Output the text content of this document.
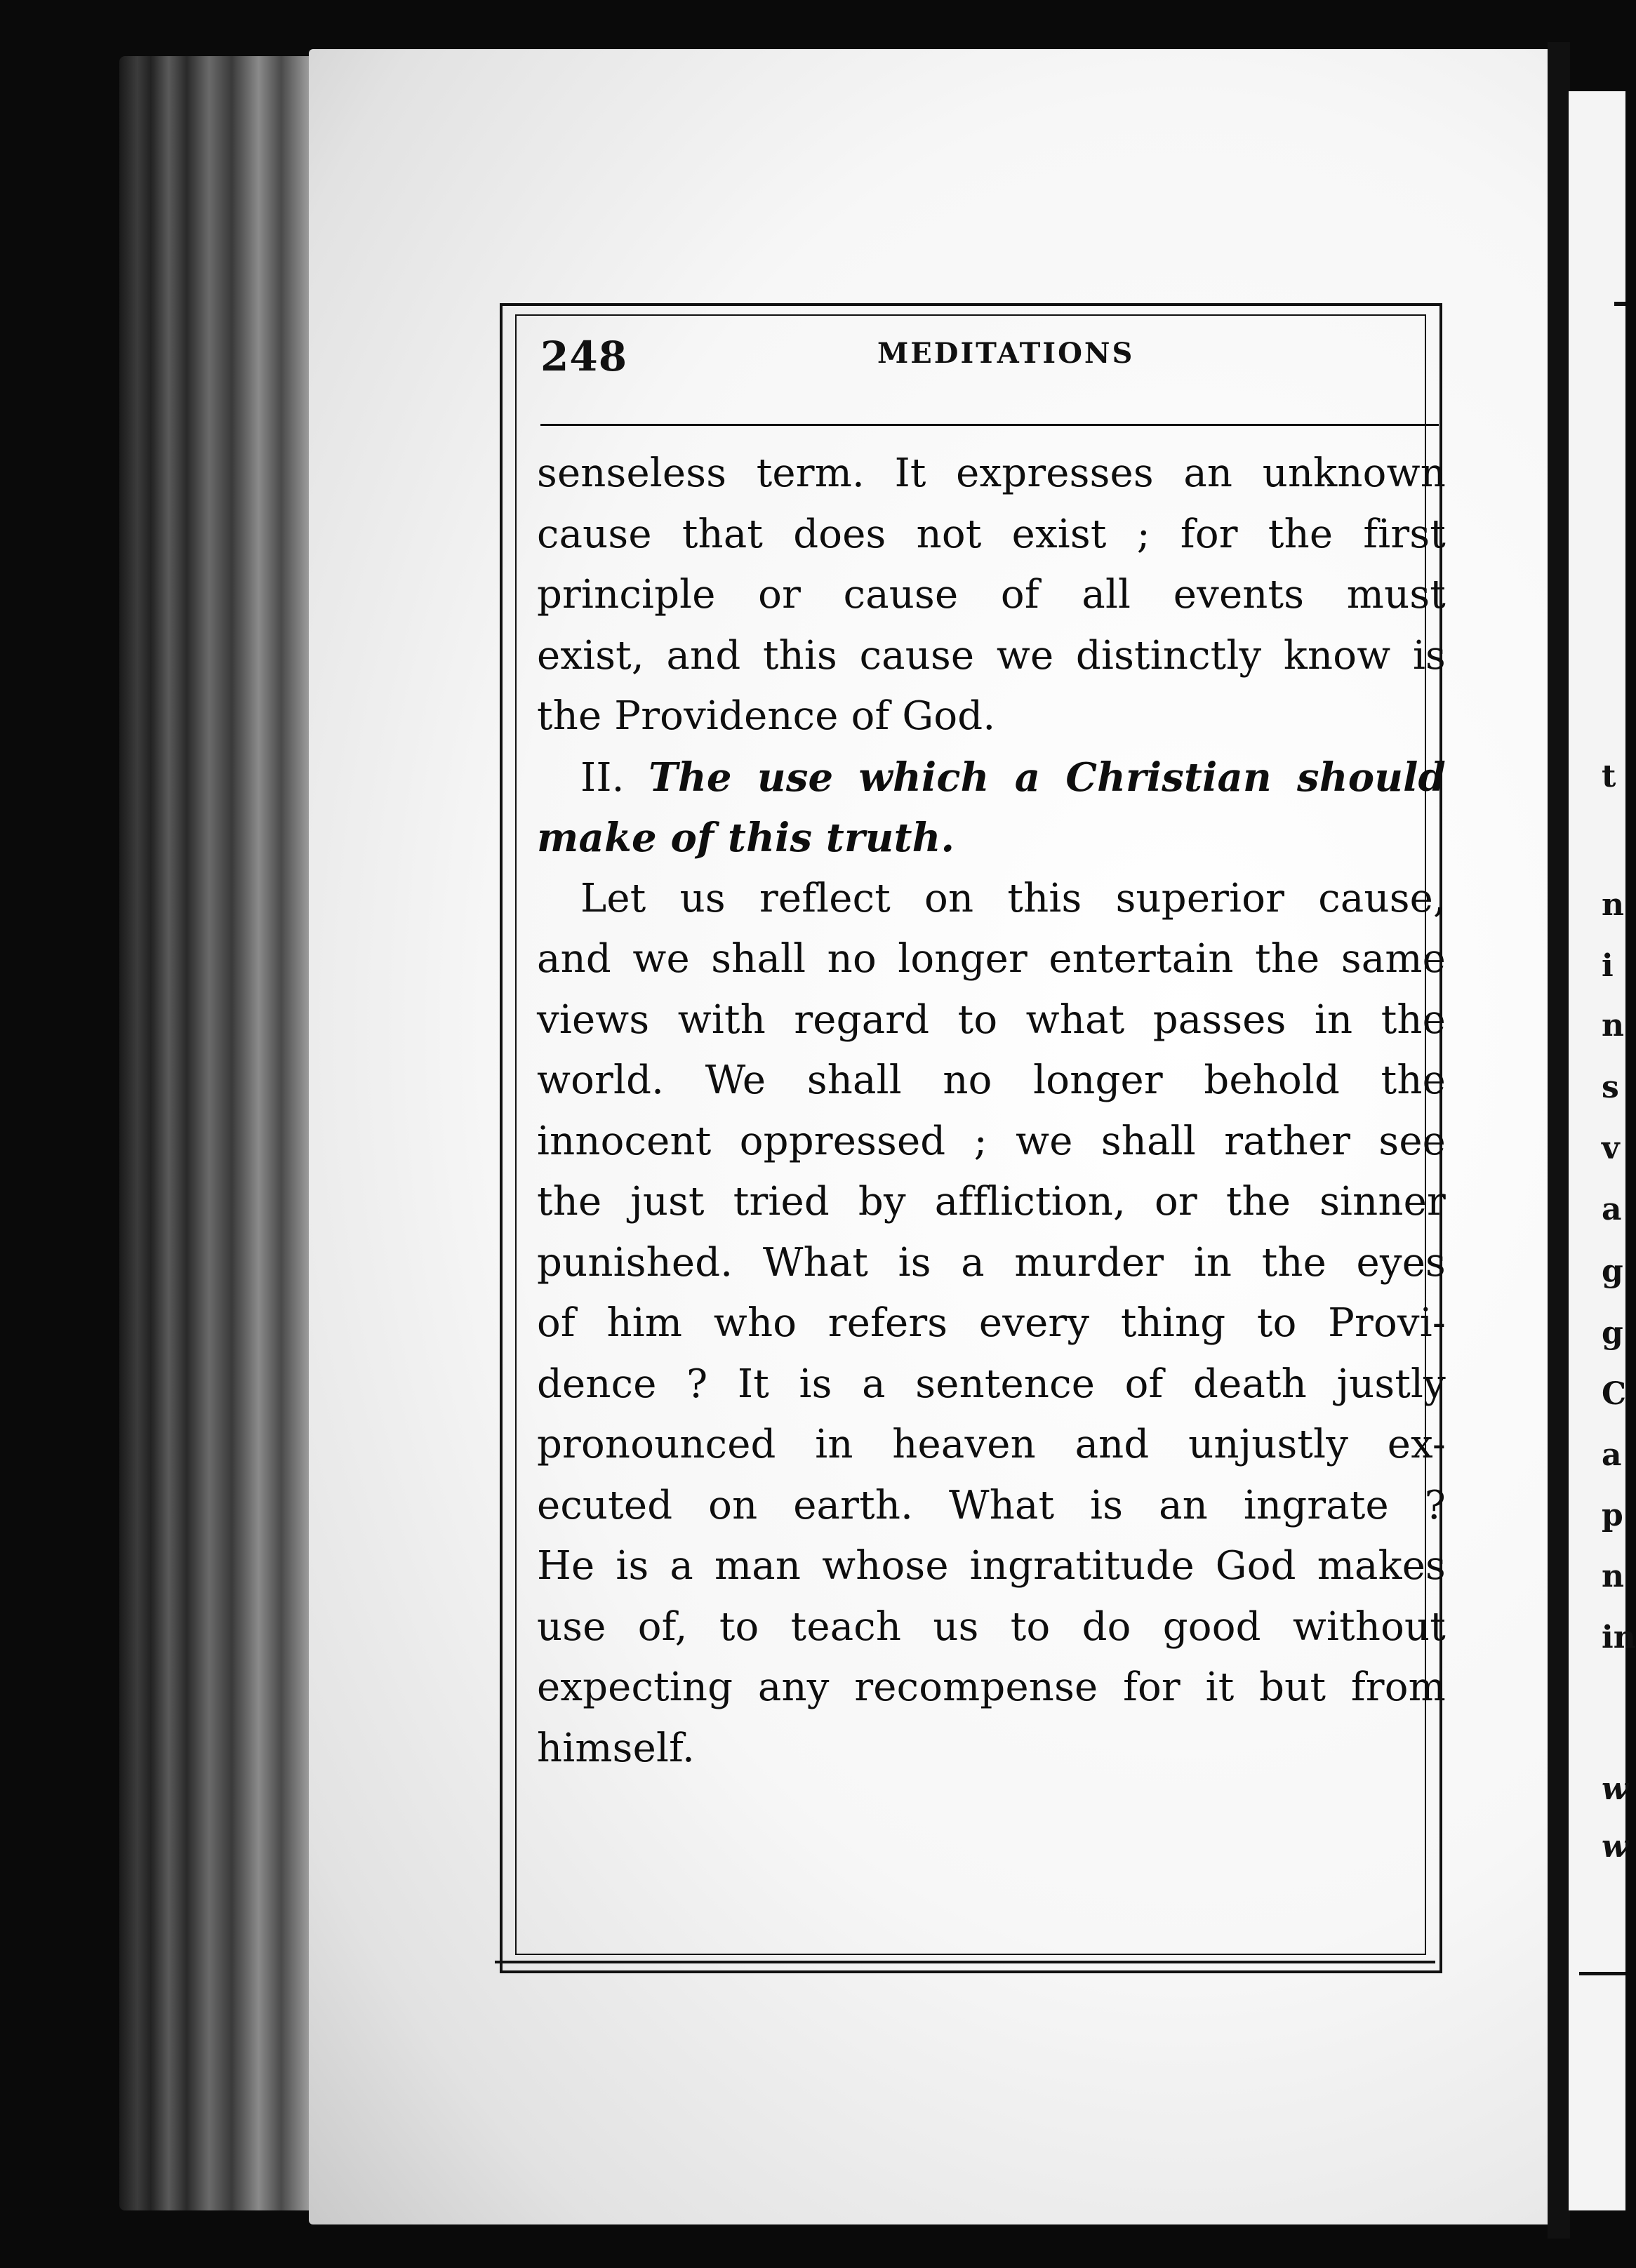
t
n
i
n
s
v
a
g
g
C
a
p
n
in
w
w
248	MEDITATIONS
senseless term. It expresses an unknown
cause that does not exist ; for the first
principle or cause of all events must
exist, and this cause we distinctly know is
the Providence of God.
II. The use which a Christian should
make of this truth.
Let us reflect on this superior cause,
and we shall no longer entertain the same
views with regard to what passes in the
world. We shall no longer behold the
innocent oppressed ; we shall rather see
the just tried by affliction, or the sinner
punished. What is a murder in the eyes
of him who refers every thing to Provi-
dence ? It is a sentence of death justly
pronounced in heaven and unjustly ex-
ecuted on earth. What is an ingrate ?
He is a man whose ingratitude God makes
use of, to teach us to do good without
expecting any recompense for it but from
himself.
